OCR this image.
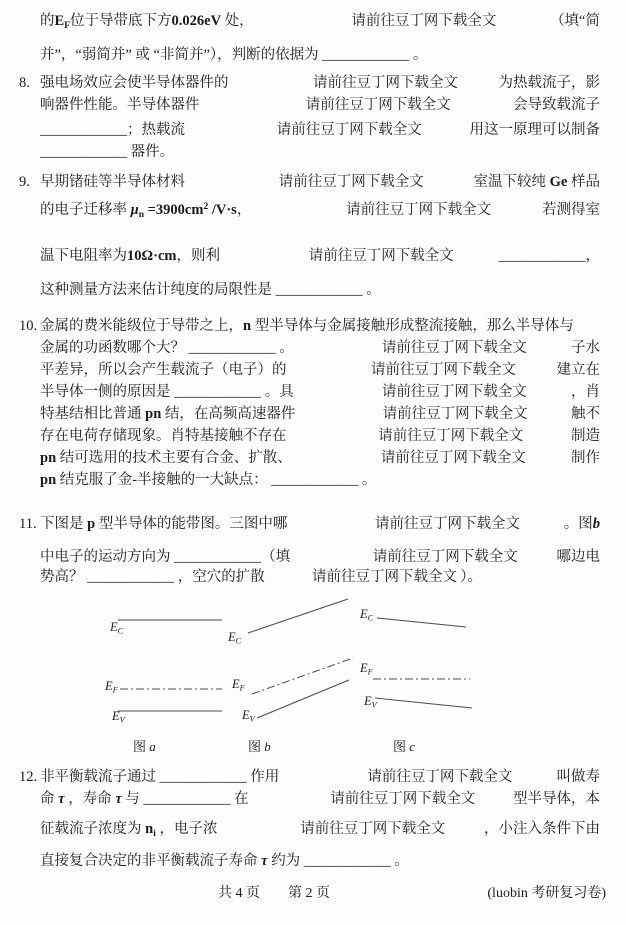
的$E_F$位于导带底下方0.026eV 处，	请前往豆丁网下载全文	（填“简
并”，“弱简并” 或 “非简并”），判断的依据为 ____________ 。
8. 强电场效应会使半导体器件的	请前往豆丁网下载全文	为热载流子，影
响器件性能。半导体器件	请前往豆丁网下载全文	会导致载流子
____________；热载流	请前往豆丁网下载全文	用这一原理可以制备
____________ 器件。
9. 早期锗硅等半导体材料	请前往豆丁网下载全文	室温下较纯 Ge 样品
的电子迁移率 $\mu_n =3900cm^2$ /V·s，	请前往豆丁网下载全文	若测得室
温下电阻率为10Ω·cm，则利	请前往豆丁网下载全文	____________，
这种测量方法来估计纯度的局限性是 ____________ 。
10. 金属的费米能级位于导带之上，n 型半导体与金属接触形成整流接触，那么半导体与
金属的功函数哪个大？ ____________ 。	请前往豆丁网下载全文	子水
平差异，所以会产生载流子（电子）的	请前往豆丁网下载全文	建立在
半导体一侧的原因是 ____________ 。具	请前往豆丁网下载全文	，肖
特基结相比普通 pn 结，在高频高速器件	请前往豆丁网下载全文	触不
存在电荷存储现象。肖特基接触不存在	请前往豆丁网下载全文	制造
pn 结可选用的技术主要有合金、扩散、	请前往豆丁网下载全文	制作
pn 结克服了金-半接触的一大缺点： ____________ 。
11. 下图是 p 型半导体的能带图。三图中哪	请前往豆丁网下载全文	。图b
中电子的运动方向为 ____________（填	请前往豆丁网下载全文	哪边电
势高？ ____________ ，空穴的扩散	请前往豆丁网下载全文 ）。
$E_C$
$E_F$
$E_V$
$E_C$
$E_F$
$E_V$
$E_C$
$E_F$
$E_V$
图 a	图 b	图 c
12. 非平衡载流子通过 ____________ 作用	请前往豆丁网下载全文	叫做寿
命 τ ，寿命 τ 与 ____________ 在	请前往豆丁网下载全文	型半导体，本
征载流子浓度为 $n_i$ ，电子浓	请前往豆丁网下载全文	，小注入条件下由
直接复合决定的非平衡载流子寿命 τ 约为 ____________ 。
共 4 页　　第 2 页	(luobin 考研复习卷)
